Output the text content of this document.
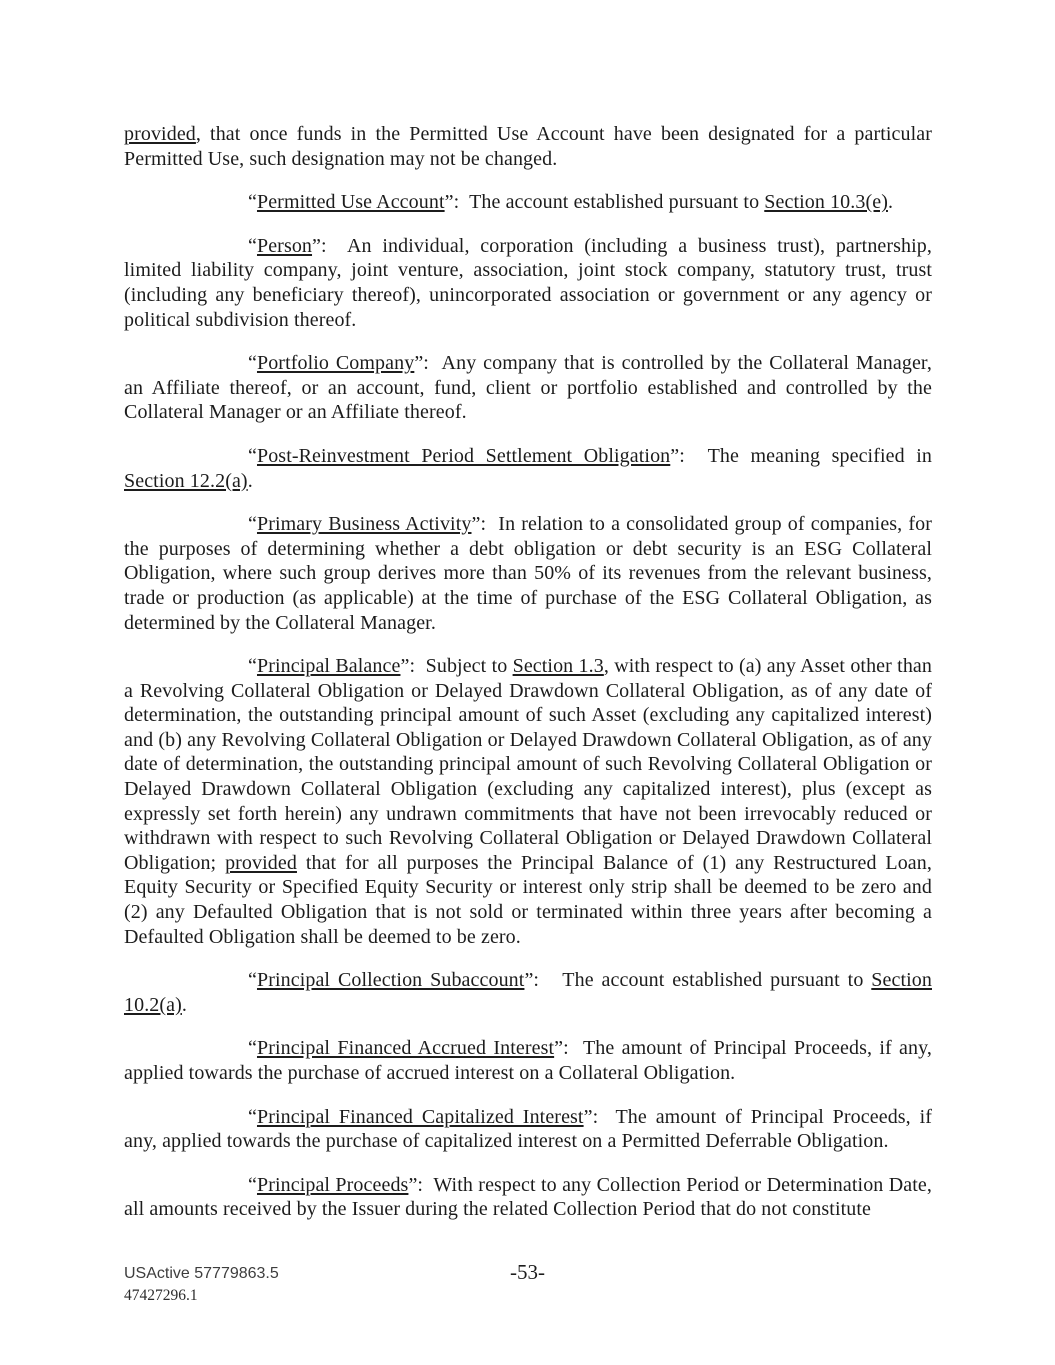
provided, that once funds in the Permitted Use Account have been designated for a particular Permitted Use, such designation may not be changed.

“Permitted Use Account”:  The account established pursuant to Section 10.3(e).

“Person”:  An individual, corporation (including a business trust), partnership, limited liability company, joint venture, association, joint stock company, statutory trust, trust (including any beneficiary thereof), unincorporated association or government or any agency or political subdivision thereof.

“Portfolio Company”:  Any company that is controlled by the Collateral Manager, an Affiliate thereof, or an account, fund, client or portfolio established and controlled by the Collateral Manager or an Affiliate thereof.

“Post-Reinvestment Period Settlement Obligation”:  The meaning specified in Section 12.2(a).

“Primary Business Activity”:  In relation to a consolidated group of companies, for the purposes of determining whether a debt obligation or debt security is an ESG Collateral Obligation, where such group derives more than 50% of its revenues from the relevant business, trade or production (as applicable) at the time of purchase of the ESG Collateral Obligation, as determined by the Collateral Manager.

“Principal Balance”:  Subject to Section 1.3, with respect to (a) any Asset other than a Revolving Collateral Obligation or Delayed Drawdown Collateral Obligation, as of any date of determination, the outstanding principal amount of such Asset (excluding any capitalized interest) and (b) any Revolving Collateral Obligation or Delayed Drawdown Collateral Obligation, as of any date of determination, the outstanding principal amount of such Revolving Collateral Obligation or Delayed Drawdown Collateral Obligation (excluding any capitalized interest), plus (except as expressly set forth herein) any undrawn commitments that have not been irrevocably reduced or withdrawn with respect to such Revolving Collateral Obligation or Delayed Drawdown Collateral Obligation; provided that for all purposes the Principal Balance of (1) any Restructured Loan, Equity Security or Specified Equity Security or interest only strip shall be deemed to be zero and (2) any Defaulted Obligation that is not sold or terminated within three years after becoming a Defaulted Obligation shall be deemed to be zero.

“Principal Collection Subaccount”:   The account established pursuant to Section 10.2(a).

“Principal Financed Accrued Interest”:  The amount of Principal Proceeds, if any, applied towards the purchase of accrued interest on a Collateral Obligation.

“Principal Financed Capitalized Interest”:  The amount of Principal Proceeds, if any, applied towards the purchase of capitalized interest on a Permitted Deferrable Obligation.

“Principal Proceeds”:  With respect to any Collection Period or Determination Date, all amounts received by the Issuer during the related Collection Period that do not constitute

USActive 57779863.5
47427296.1
-53-
